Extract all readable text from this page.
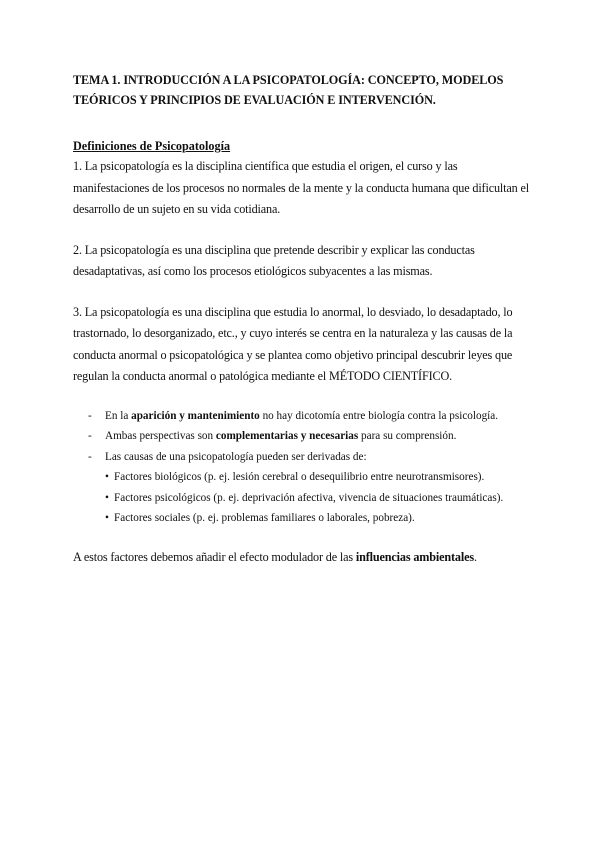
TEMA 1. INTRODUCCIÓN A LA PSICOPATOLOGÍA: CONCEPTO, MODELOS TEÓRICOS Y PRINCIPIOS DE EVALUACIÓN E INTERVENCIÓN.

Definiciones de Psicopatología

1. La psicopatología es la disciplina científica que estudia el origen, el curso y las manifestaciones de los procesos no normales de la mente y la conducta humana que dificultan el desarrollo de un sujeto en su vida cotidiana.

2. La psicopatología es una disciplina que pretende describir y explicar las conductas desadaptativas, así como los procesos etiológicos subyacentes a las mismas.

3. La psicopatología es una disciplina que estudia lo anormal, lo desviado, lo desadaptado, lo trastornado, lo desorganizado, etc., y cuyo interés se centra en la naturaleza y las causas de la conducta anormal o psicopatológica y se plantea como objetivo principal descubrir leyes que regulan la conducta anormal o patológica mediante el MÉTODO CIENTÍFICO.

- En la aparición y mantenimiento no hay dicotomía entre biología contra la psicología.
- Ambas perspectivas son complementarias y necesarias para su comprensión.
- Las causas de una psicopatología pueden ser derivadas de:
• Factores biológicos (p. ej. lesión cerebral o desequilibrio entre neurotransmisores).
• Factores psicológicos (p. ej. deprivación afectiva, vivencia de situaciones traumáticas).
• Factores sociales (p. ej. problemas familiares o laborales, pobreza).

A estos factores debemos añadir el efecto modulador de las influencias ambientales.
